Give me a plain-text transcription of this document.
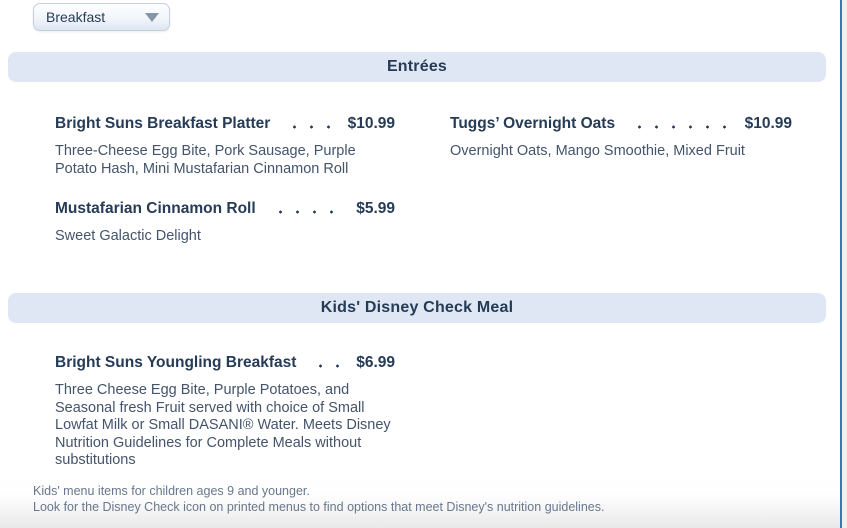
Breakfast
Entrées
Bright Suns Breakfast Platter	$10.99
Three-Cheese Egg Bite, Pork Sausage, Purple Potato Hash, Mini Mustafarian Cinnamon Roll
Tuggs’ Overnight Oats	$10.99
Overnight Oats, Mango Smoothie, Mixed Fruit
Mustafarian Cinnamon Roll	$5.99
Sweet Galactic Delight
Kids' Disney Check Meal
Bright Suns Youngling Breakfast	$6.99
Three Cheese Egg Bite, Purple Potatoes, and Seasonal fresh Fruit served with choice of Small Lowfat Milk or Small DASANI® Water. Meets Disney Nutrition Guidelines for Complete Meals without substitutions

Kids' menu items for children ages 9 and younger.

Look for the Disney Check icon on printed menus to find options that meet Disney's nutrition guidelines.
